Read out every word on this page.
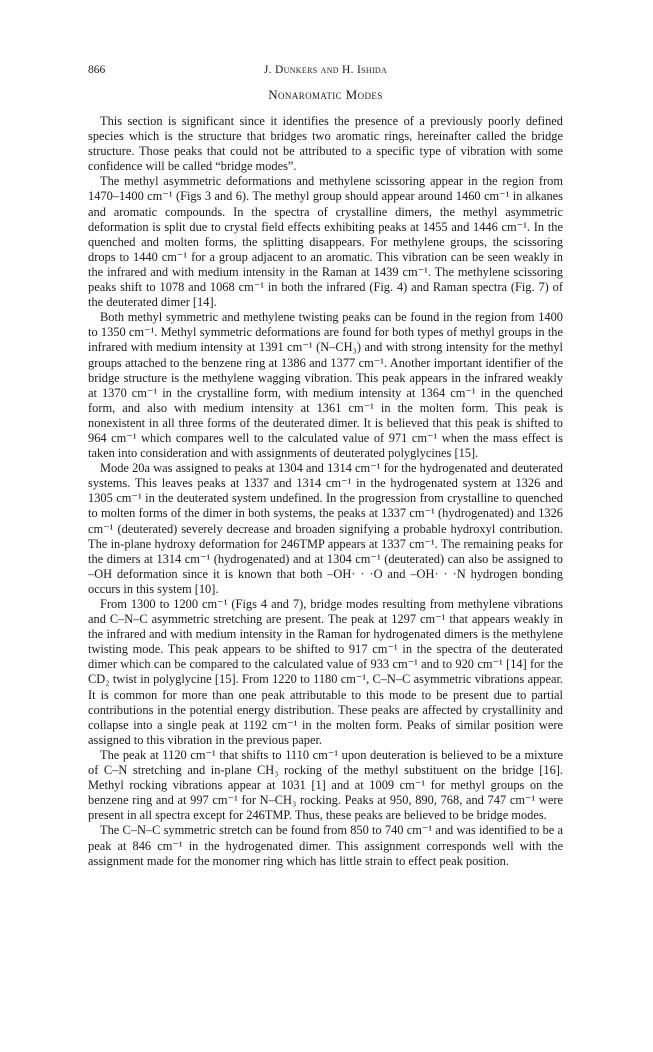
866	J. Dunkers and H. Ishida
Nonaromatic Modes

This section is significant since it identifies the presence of a previously poorly defined species which is the structure that bridges two aromatic rings, hereinafter called the bridge structure. Those peaks that could not be attributed to a specific type of vibration with some confidence will be called “bridge modes”.

The methyl asymmetric deformations and methylene scissoring appear in the region from 1470–1400 cm⁻¹ (Figs 3 and 6). The methyl group should appear around 1460 cm⁻¹ in alkanes and aromatic compounds. In the spectra of crystalline dimers, the methyl asymmetric deformation is split due to crystal field effects exhibiting peaks at 1455 and 1446 cm⁻¹. In the quenched and molten forms, the splitting disappears. For methylene groups, the scissoring drops to 1440 cm⁻¹ for a group adjacent to an aromatic. This vibration can be seen weakly in the infrared and with medium intensity in the Raman at 1439 cm⁻¹. The methylene scissoring peaks shift to 1078 and 1068 cm⁻¹ in both the infrared (Fig. 4) and Raman spectra (Fig. 7) of the deuterated dimer [14].

Both methyl symmetric and methylene twisting peaks can be found in the region from 1400 to 1350 cm⁻¹. Methyl symmetric deformations are found for both types of methyl groups in the infrared with medium intensity at 1391 cm⁻¹ (N–CH₃) and with strong intensity for the methyl groups attached to the benzene ring at 1386 and 1377 cm⁻¹. Another important identifier of the bridge structure is the methylene wagging vibration. This peak appears in the infrared weakly at 1370 cm⁻¹ in the crystalline form, with medium intensity at 1364 cm⁻¹ in the quenched form, and also with medium intensity at 1361 cm⁻¹ in the molten form. This peak is nonexistent in all three forms of the deuterated dimer. It is believed that this peak is shifted to 964 cm⁻¹ which compares well to the calculated value of 971 cm⁻¹ when the mass effect is taken into consideration and with assignments of deuterated polyglycines [15].

Mode 20a was assigned to peaks at 1304 and 1314 cm⁻¹ for the hydrogenated and deuterated systems. This leaves peaks at 1337 and 1314 cm⁻¹ in the hydrogenated system at 1326 and 1305 cm⁻¹ in the deuterated system undefined. In the progression from crystalline to quenched to molten forms of the dimer in both systems, the peaks at 1337 cm⁻¹ (hydrogenated) and 1326 cm⁻¹ (deuterated) severely decrease and broaden signifying a probable hydroxyl contribution. The in-plane hydroxy deformation for 246TMP appears at 1337 cm⁻¹. The remaining peaks for the dimers at 1314 cm⁻¹ (hydrogenated) and at 1304 cm⁻¹ (deuterated) can also be assigned to –OH deformation since it is known that both –OH· · ·O and –OH· · ·N hydrogen bonding occurs in this system [10].

From 1300 to 1200 cm⁻¹ (Figs 4 and 7), bridge modes resulting from methylene vibrations and C–N–C asymmetric stretching are present. The peak at 1297 cm⁻¹ that appears weakly in the infrared and with medium intensity in the Raman for hydrogenated dimers is the methylene twisting mode. This peak appears to be shifted to 917 cm⁻¹ in the spectra of the deuterated dimer which can be compared to the calculated value of 933 cm⁻¹ and to 920 cm⁻¹ [14] for the CD₂ twist in polyglycine [15]. From 1220 to 1180 cm⁻¹, C–N–C asymmetric vibrations appear. It is common for more than one peak attributable to this mode to be present due to partial contributions in the potential energy distribution. These peaks are affected by crystallinity and collapse into a single peak at 1192 cm⁻¹ in the molten form. Peaks of similar position were assigned to this vibration in the previous paper.

The peak at 1120 cm⁻¹ that shifts to 1110 cm⁻¹ upon deuteration is believed to be a mixture of C–N stretching and in-plane CH₃ rocking of the methyl substituent on the bridge [16]. Methyl rocking vibrations appear at 1031 [1] and at 1009 cm⁻¹ for methyl groups on the benzene ring and at 997 cm⁻¹ for N–CH₃ rocking. Peaks at 950, 890, 768, and 747 cm⁻¹ were present in all spectra except for 246TMP. Thus, these peaks are believed to be bridge modes.

The C–N–C symmetric stretch can be found from 850 to 740 cm⁻¹ and was identified to be a peak at 846 cm⁻¹ in the hydrogenated dimer. This assignment corresponds well with the assignment made for the monomer ring which has little strain to effect peak position.
